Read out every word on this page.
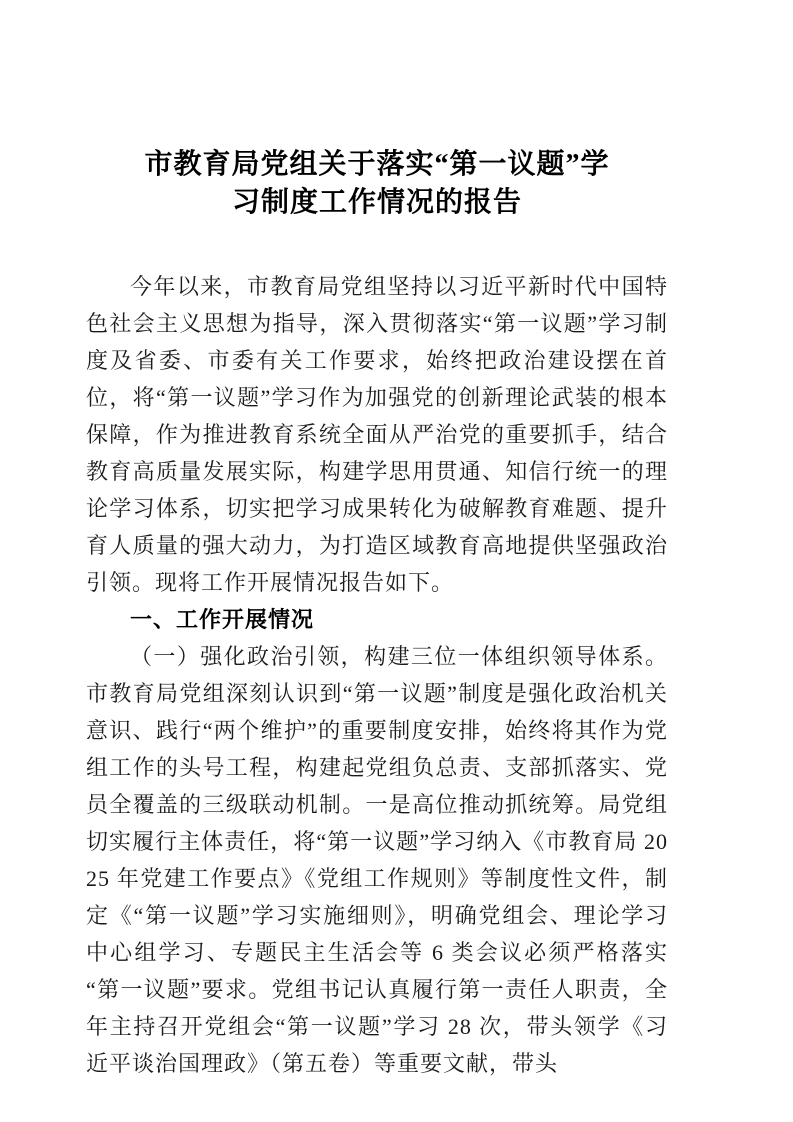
市教育局党组关于落实“第一议题”学
习制度工作情况的报告

今年以来，市教育局党组坚持以习近平新时代中国特色社会主义思想为指导，深入贯彻落实“第一议题”学习制度及省委、市委有关工作要求，始终把政治建设摆在首位，将“第一议题”学习作为加强党的创新理论武装的根本保障，作为推进教育系统全面从严治党的重要抓手，结合教育高质量发展实际，构建学思用贯通、知信行统一的理论学习体系，切实把学习成果转化为破解教育难题、提升育人质量的强大动力，为打造区域教育高地提供坚强政治引领。现将工作开展情况报告如下。

一、工作开展情况

（一）强化政治引领，构建三位一体组织领导体系。市教育局党组深刻认识到“第一议题”制度是强化政治机关意识、践行“两个维护”的重要制度安排，始终将其作为党组工作的头号工程，构建起党组负总责、支部抓落实、党员全覆盖的三级联动机制。一是高位推动抓统筹。局党组切实履行主体责任，将“第一议题”学习纳入《市教育局 2025 年党建工作要点》《党组工作规则》等制度性文件，制定《“第一议题”学习实施细则》，明确党组会、理论学习中心组学习、专题民主生活会等 6 类会议必须严格落实“第一议题”要求。党组书记认真履行第一责任人职责，全年主持召开党组会“第一议题”学习 28 次，带头领学《习近平谈治国理政》（第五卷）等重要文献，带头
